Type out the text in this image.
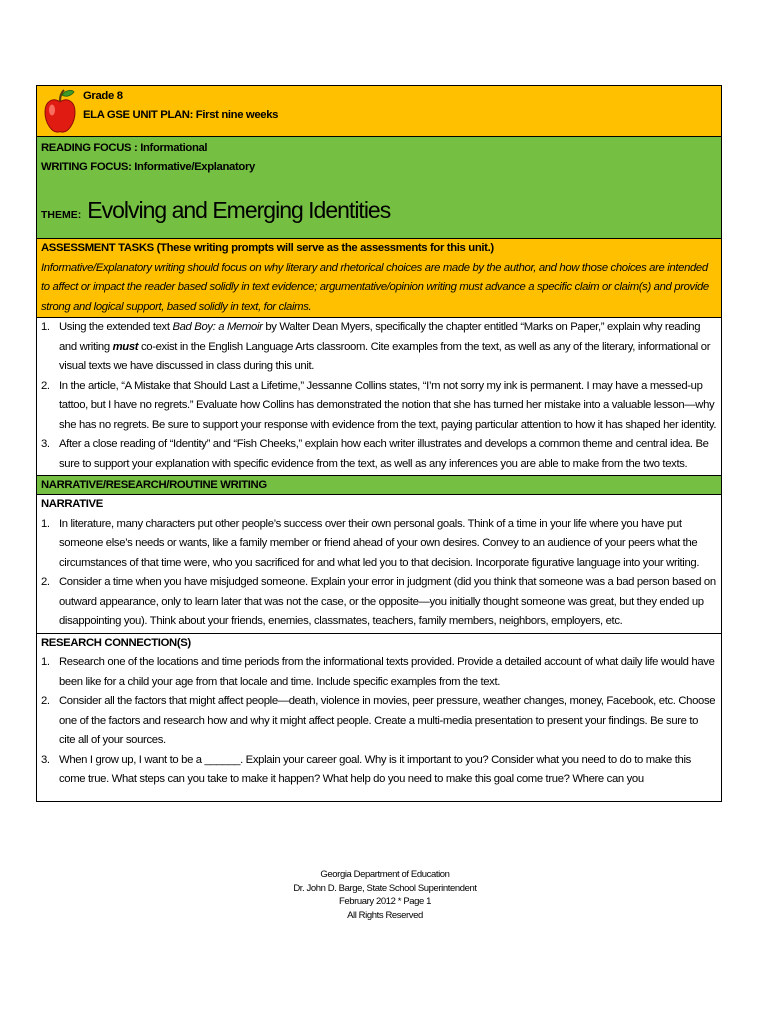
Grade 8
ELA GSE UNIT PLAN: First nine weeks
READING FOCUS : Informational
WRITING FOCUS: Informative/Explanatory
THEME: Evolving and Emerging Identities
ASSESSMENT TASKS (These writing prompts will serve as the assessments for this unit.)
Informative/Explanatory writing should focus on why literary and rhetorical choices are made by the author, and how those choices are intended to affect or impact the reader based solidly in text evidence; argumentative/opinion writing must advance a specific claim or claim(s) and provide strong and logical support, based solidly in text, for claims.
1. Using the extended text Bad Boy: a Memoir by Walter Dean Myers, specifically the chapter entitled “Marks on Paper,” explain why reading and writing must co-exist in the English Language Arts classroom. Cite examples from the text, as well as any of the literary, informational or visual texts we have discussed in class during this unit.
2. In the article, “A Mistake that Should Last a Lifetime,” Jessanne Collins states, “I’m not sorry my ink is permanent. I may have a messed-up tattoo, but I have no regrets.” Evaluate how Collins has demonstrated the notion that she has turned her mistake into a valuable lesson—why she has no regrets. Be sure to support your response with evidence from the text, paying particular attention to how it has shaped her identity.
3. After a close reading of “Identity” and “Fish Cheeks,” explain how each writer illustrates and develops a common theme and central idea. Be sure to support your explanation with specific evidence from the text, as well as any inferences you are able to make from the two texts.
NARRATIVE/RESEARCH/ROUTINE WRITING
NARRATIVE
1. In literature, many characters put other people’s success over their own personal goals. Think of a time in your life where you have put someone else’s needs or wants, like a family member or friend ahead of your own desires. Convey to an audience of your peers what the circumstances of that time were, who you sacrificed for and what led you to that decision. Incorporate figurative language into your writing.
2. Consider a time when you have misjudged someone. Explain your error in judgment (did you think that someone was a bad person based on outward appearance, only to learn later that was not the case, or the opposite—you initially thought someone was great, but they ended up disappointing you). Think about your friends, enemies, classmates, teachers, family members, neighbors, employers, etc.
RESEARCH CONNECTION(S)
1. Research one of the locations and time periods from the informational texts provided. Provide a detailed account of what daily life would have been like for a child your age from that locale and time. Include specific examples from the text.
2. Consider all the factors that might affect people—death, violence in movies, peer pressure, weather changes, money, Facebook, etc. Choose one of the factors and research how and why it might affect people. Create a multi-media presentation to present your findings. Be sure to cite all of your sources.
3. When I grow up, I want to be a ______. Explain your career goal. Why is it important to you? Consider what you need to do to make this come true. What steps can you take to make it happen? What help do you need to make this goal come true? Where can you
Georgia Department of Education
Dr. John D. Barge, State School Superintendent
February 2012 * Page 1
All Rights Reserved
